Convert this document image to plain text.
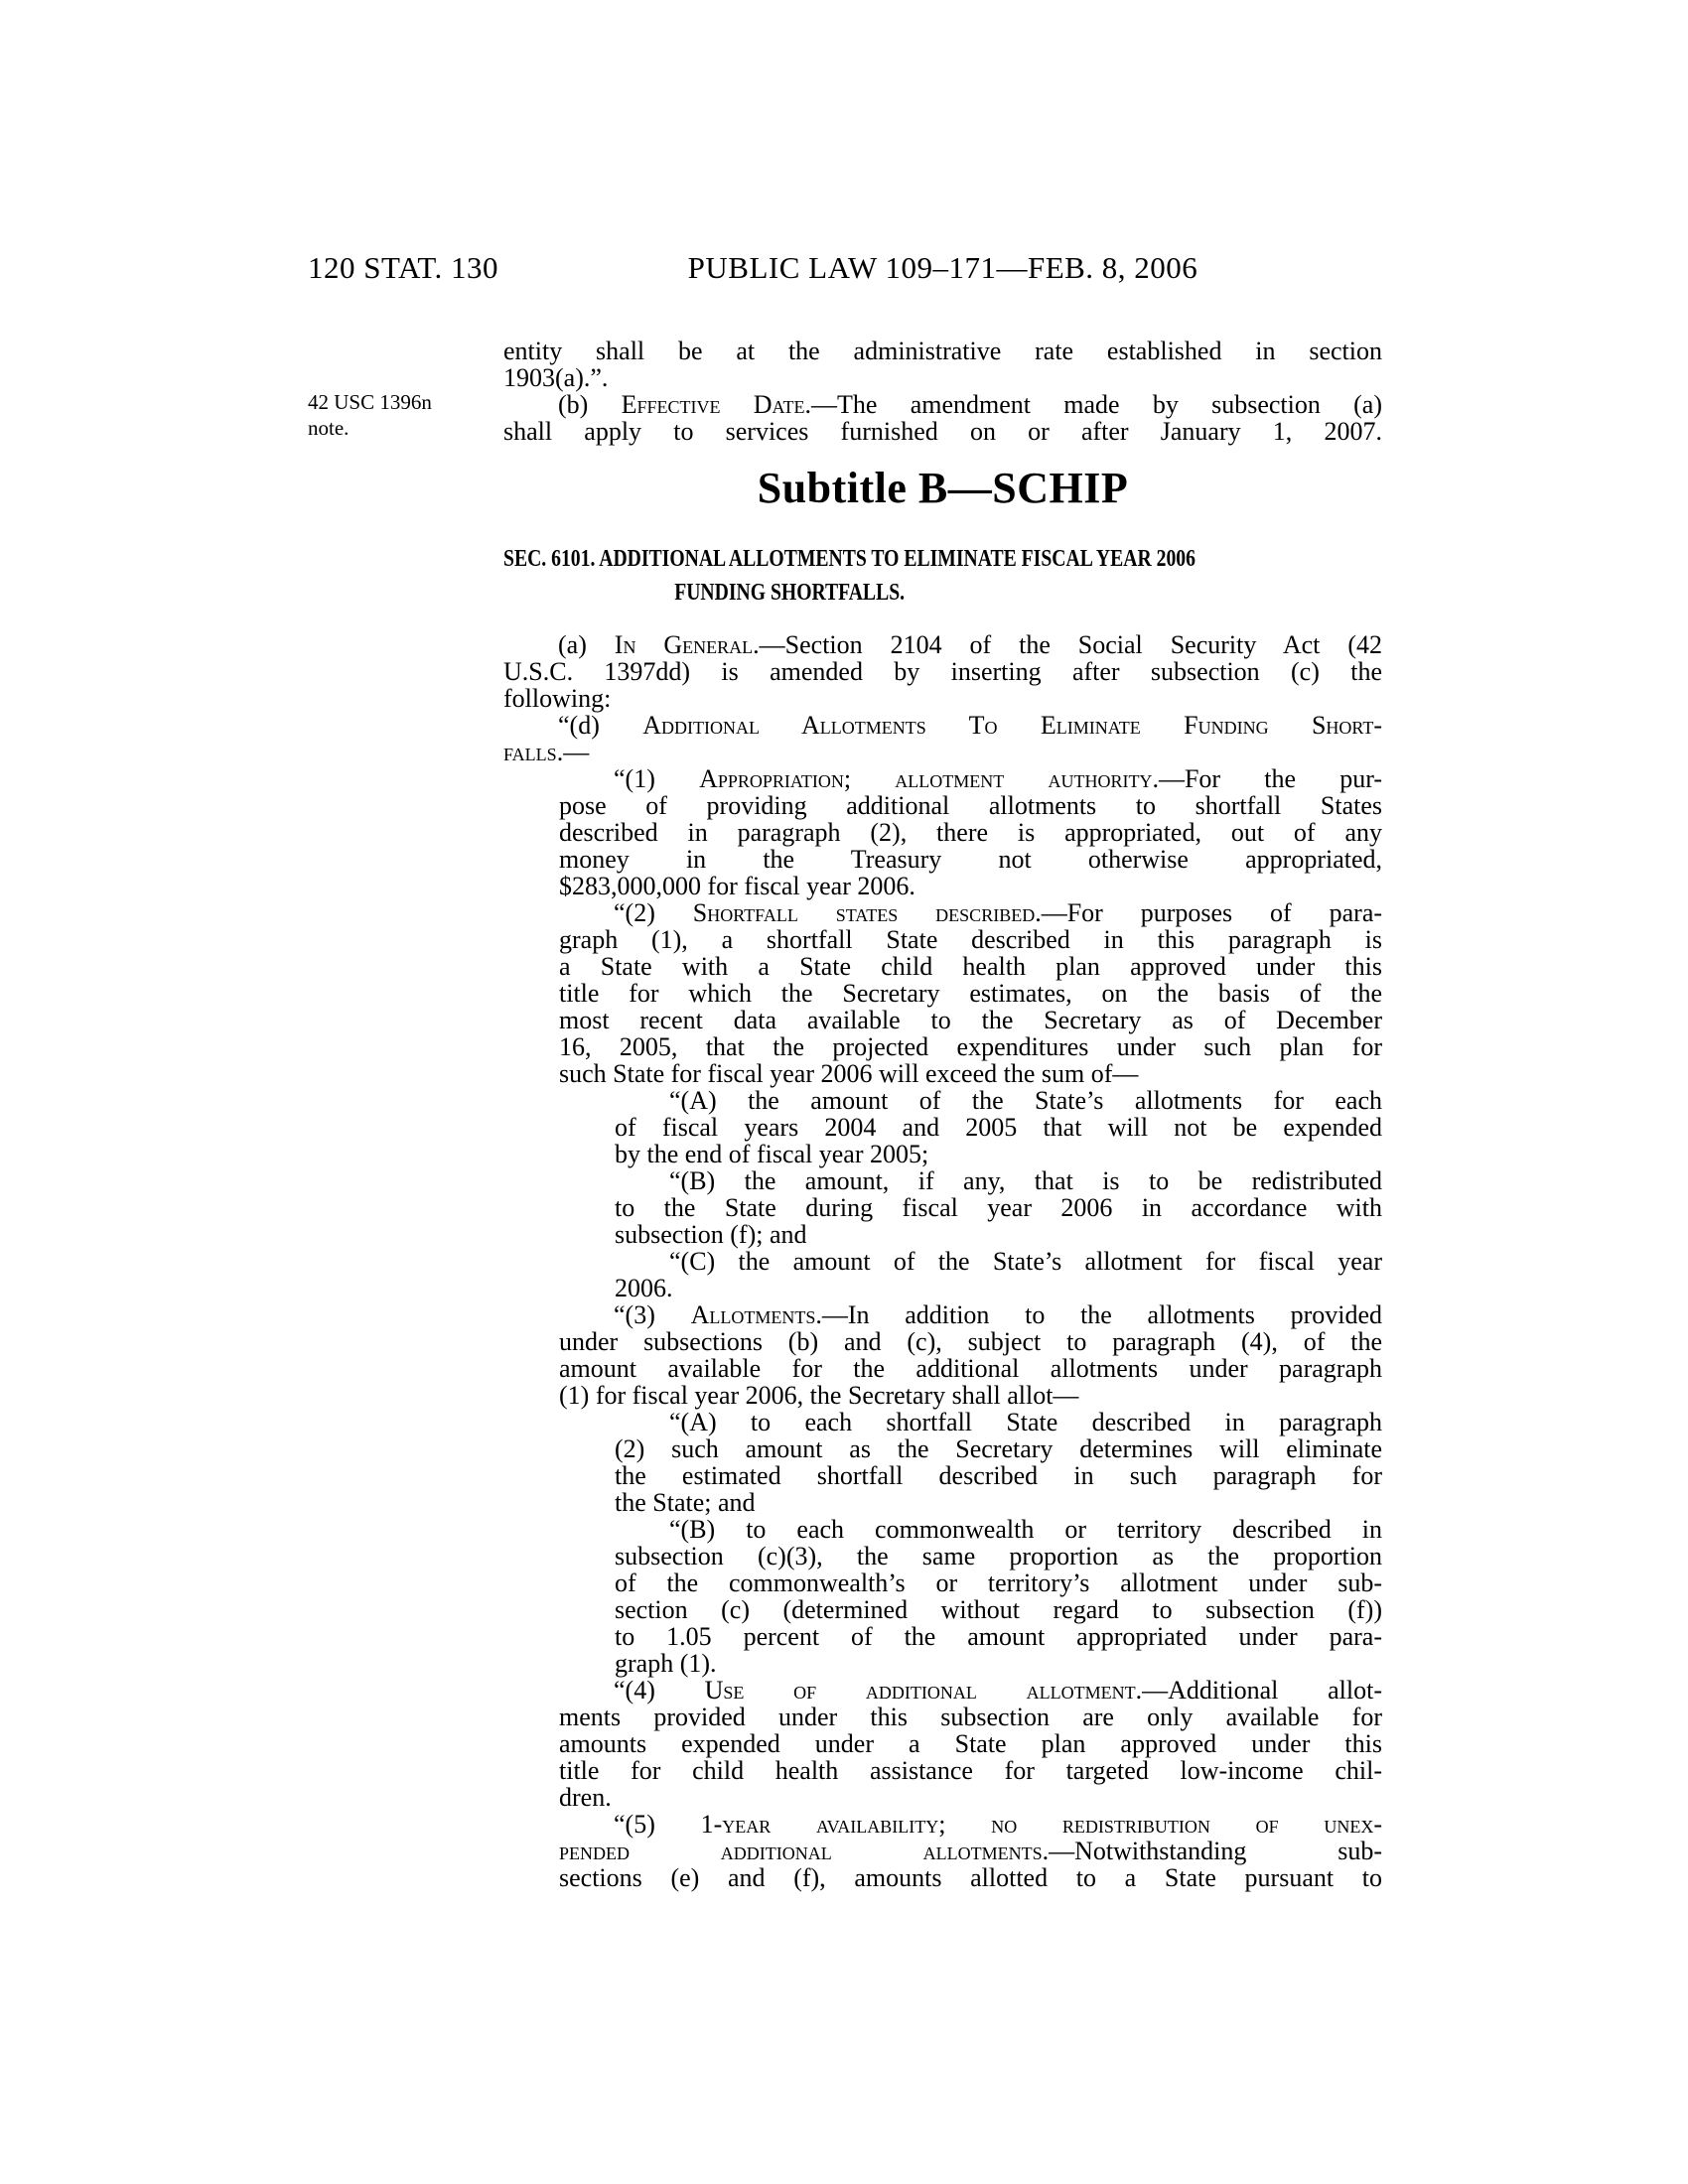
120 STAT. 130	PUBLIC LAW 109–171—FEB. 8, 2006
42 USC 1396n
note.
entity shall be at the administrative rate established in section
1903(a).”.
(b) Effective Date.—The amendment made by subsection (a)
shall apply to services furnished on or after January 1, 2007.
Subtitle B—SCHIP
SEC. 6101. ADDITIONAL ALLOTMENTS TO ELIMINATE FISCAL YEAR 2006
FUNDING SHORTFALLS.
(a) In General.—Section 2104 of the Social Security Act (42
U.S.C. 1397dd) is amended by inserting after subsection (c) the
following:
“(d) Additional Allotments To Eliminate Funding Short-
falls.—
“(1) Appropriation; allotment authority.—For the pur-
pose of providing additional allotments to shortfall States
described in paragraph (2), there is appropriated, out of any
money in the Treasury not otherwise appropriated,
$283,000,000 for fiscal year 2006.
“(2) Shortfall states described.—For purposes of para-
graph (1), a shortfall State described in this paragraph is
a State with a State child health plan approved under this
title for which the Secretary estimates, on the basis of the
most recent data available to the Secretary as of December
16, 2005, that the projected expenditures under such plan for
such State for fiscal year 2006 will exceed the sum of—
“(A) the amount of the State’s allotments for each
of fiscal years 2004 and 2005 that will not be expended
by the end of fiscal year 2005;
“(B) the amount, if any, that is to be redistributed
to the State during fiscal year 2006 in accordance with
subsection (f); and
“(C) the amount of the State’s allotment for fiscal year
2006.
“(3) Allotments.—In addition to the allotments provided
under subsections (b) and (c), subject to paragraph (4), of the
amount available for the additional allotments under paragraph
(1) for fiscal year 2006, the Secretary shall allot—
“(A) to each shortfall State described in paragraph
(2) such amount as the Secretary determines will eliminate
the estimated shortfall described in such paragraph for
the State; and
“(B) to each commonwealth or territory described in
subsection (c)(3), the same proportion as the proportion
of the commonwealth’s or territory’s allotment under sub-
section (c) (determined without regard to subsection (f))
to 1.05 percent of the amount appropriated under para-
graph (1).
“(4) Use of additional allotment.—Additional allot-
ments provided under this subsection are only available for
amounts expended under a State plan approved under this
title for child health assistance for targeted low-income chil-
dren.
“(5) 1-year availability; no redistribution of unex-
pended additional allotments.—Notwithstanding sub-
sections (e) and (f), amounts allotted to a State pursuant to
